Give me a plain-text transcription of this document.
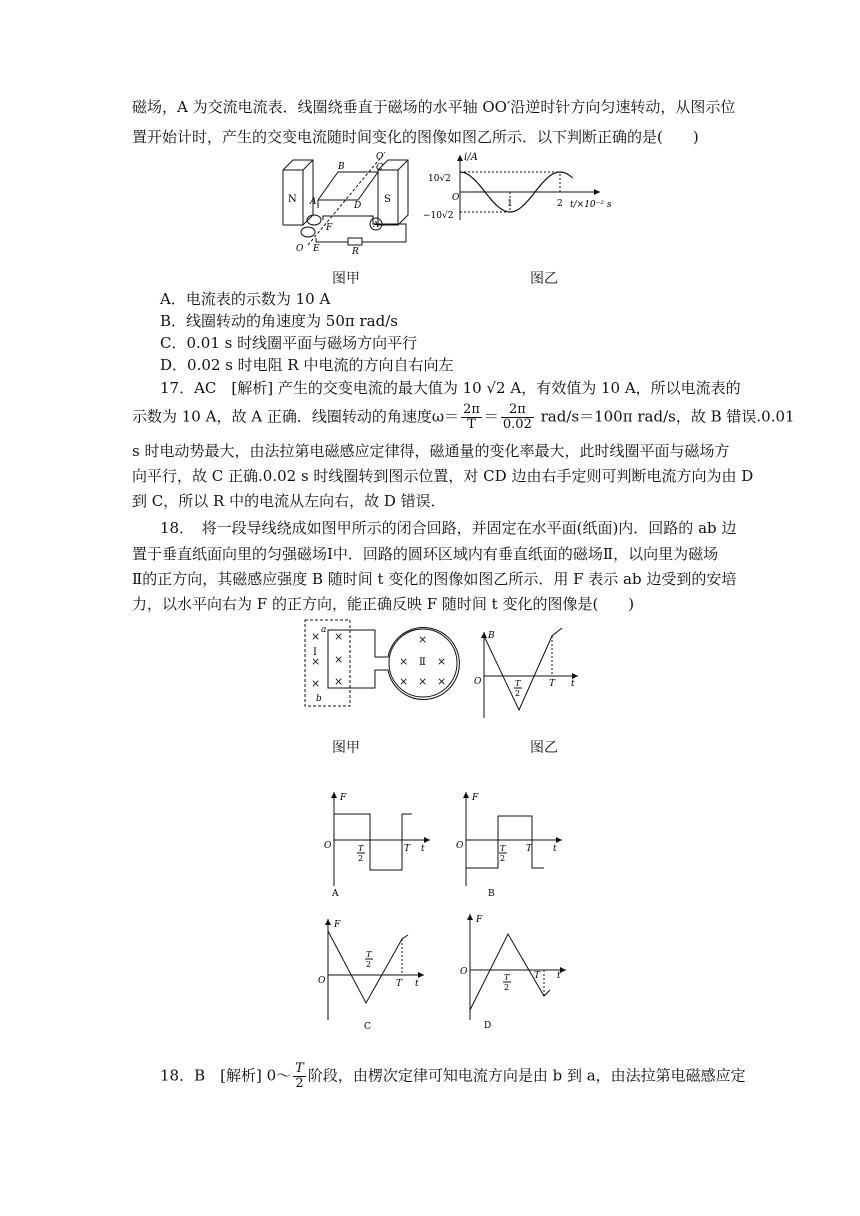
磁场，A 为交流电流表．线圈绕垂直于磁场的水平轴 OO′沿逆时针方向匀速转动，从图示位
置开始计时，产生的交变电流随时间变化的图像如图乙所示．以下判断正确的是(　　)
N	S
B	C
O′
A	D
F
E
O	R
A
i/A
10√2
−10√2
O
1	2 t/×10⁻² s
图甲	图乙
A．电流表的示数为 10 A
B．线圈转动的角速度为 50π rad/s
C．0.01 s 时线圈平面与磁场方向平行
D．0.02 s 时电阻 R 中电流的方向自右向左
17．AC　[解析] 产生的交变电流的最大值为 10 √2 A，有效值为 10 A，所以电流表的
示数为 10 A，故 A 正确．线圈转动的角速度$\omega= \frac{2\pi}{T} = \frac{2\pi}{0.02} rad/s=100\pi$ rad/s，故 B 错误.0.01
s 时电动势最大，由法拉第电磁感应定律得，磁通量的变化率最大，此时线圈平面与磁场方
向平行，故 C 正确.0.02 s 时线圈转到图示位置，对 CD 边由右手定则可判断电流方向为由 D
到 C，所以 R 中的电流从左向右，故 D 错误．
18．　将一段导线绕成如图甲所示的闭合回路，并固定在水平面(纸面)内．回路的 ab 边
置于垂直纸面向里的匀强磁场Ⅰ中．回路的圆环区域内有垂直纸面的磁场Ⅱ，以向里为磁场
Ⅱ的正方向，其磁感应强度 B 随时间 t 变化的图像如图乙所示．用 F 表示 ab 边受到的安培
力，以水平向右为 F 的正方向，能正确反映 F 随时间 t 变化的图像是(　　)
× ×
× ×
×
×
×
×	×
× × ×
a
b
Ⅰ
Ⅱ
B
O	T
2
T t
图甲	图乙
F
O	T
2
T t
A
F
O	T
2
T t
B
F
O
T
2
T t
C
F
O
T
2
T t
D
18．B　[解析] 0～ $\frac{T}{2}$ 阶段，由楞次定律可知电流方向是由 b 到 a，由法拉第电磁感应定
